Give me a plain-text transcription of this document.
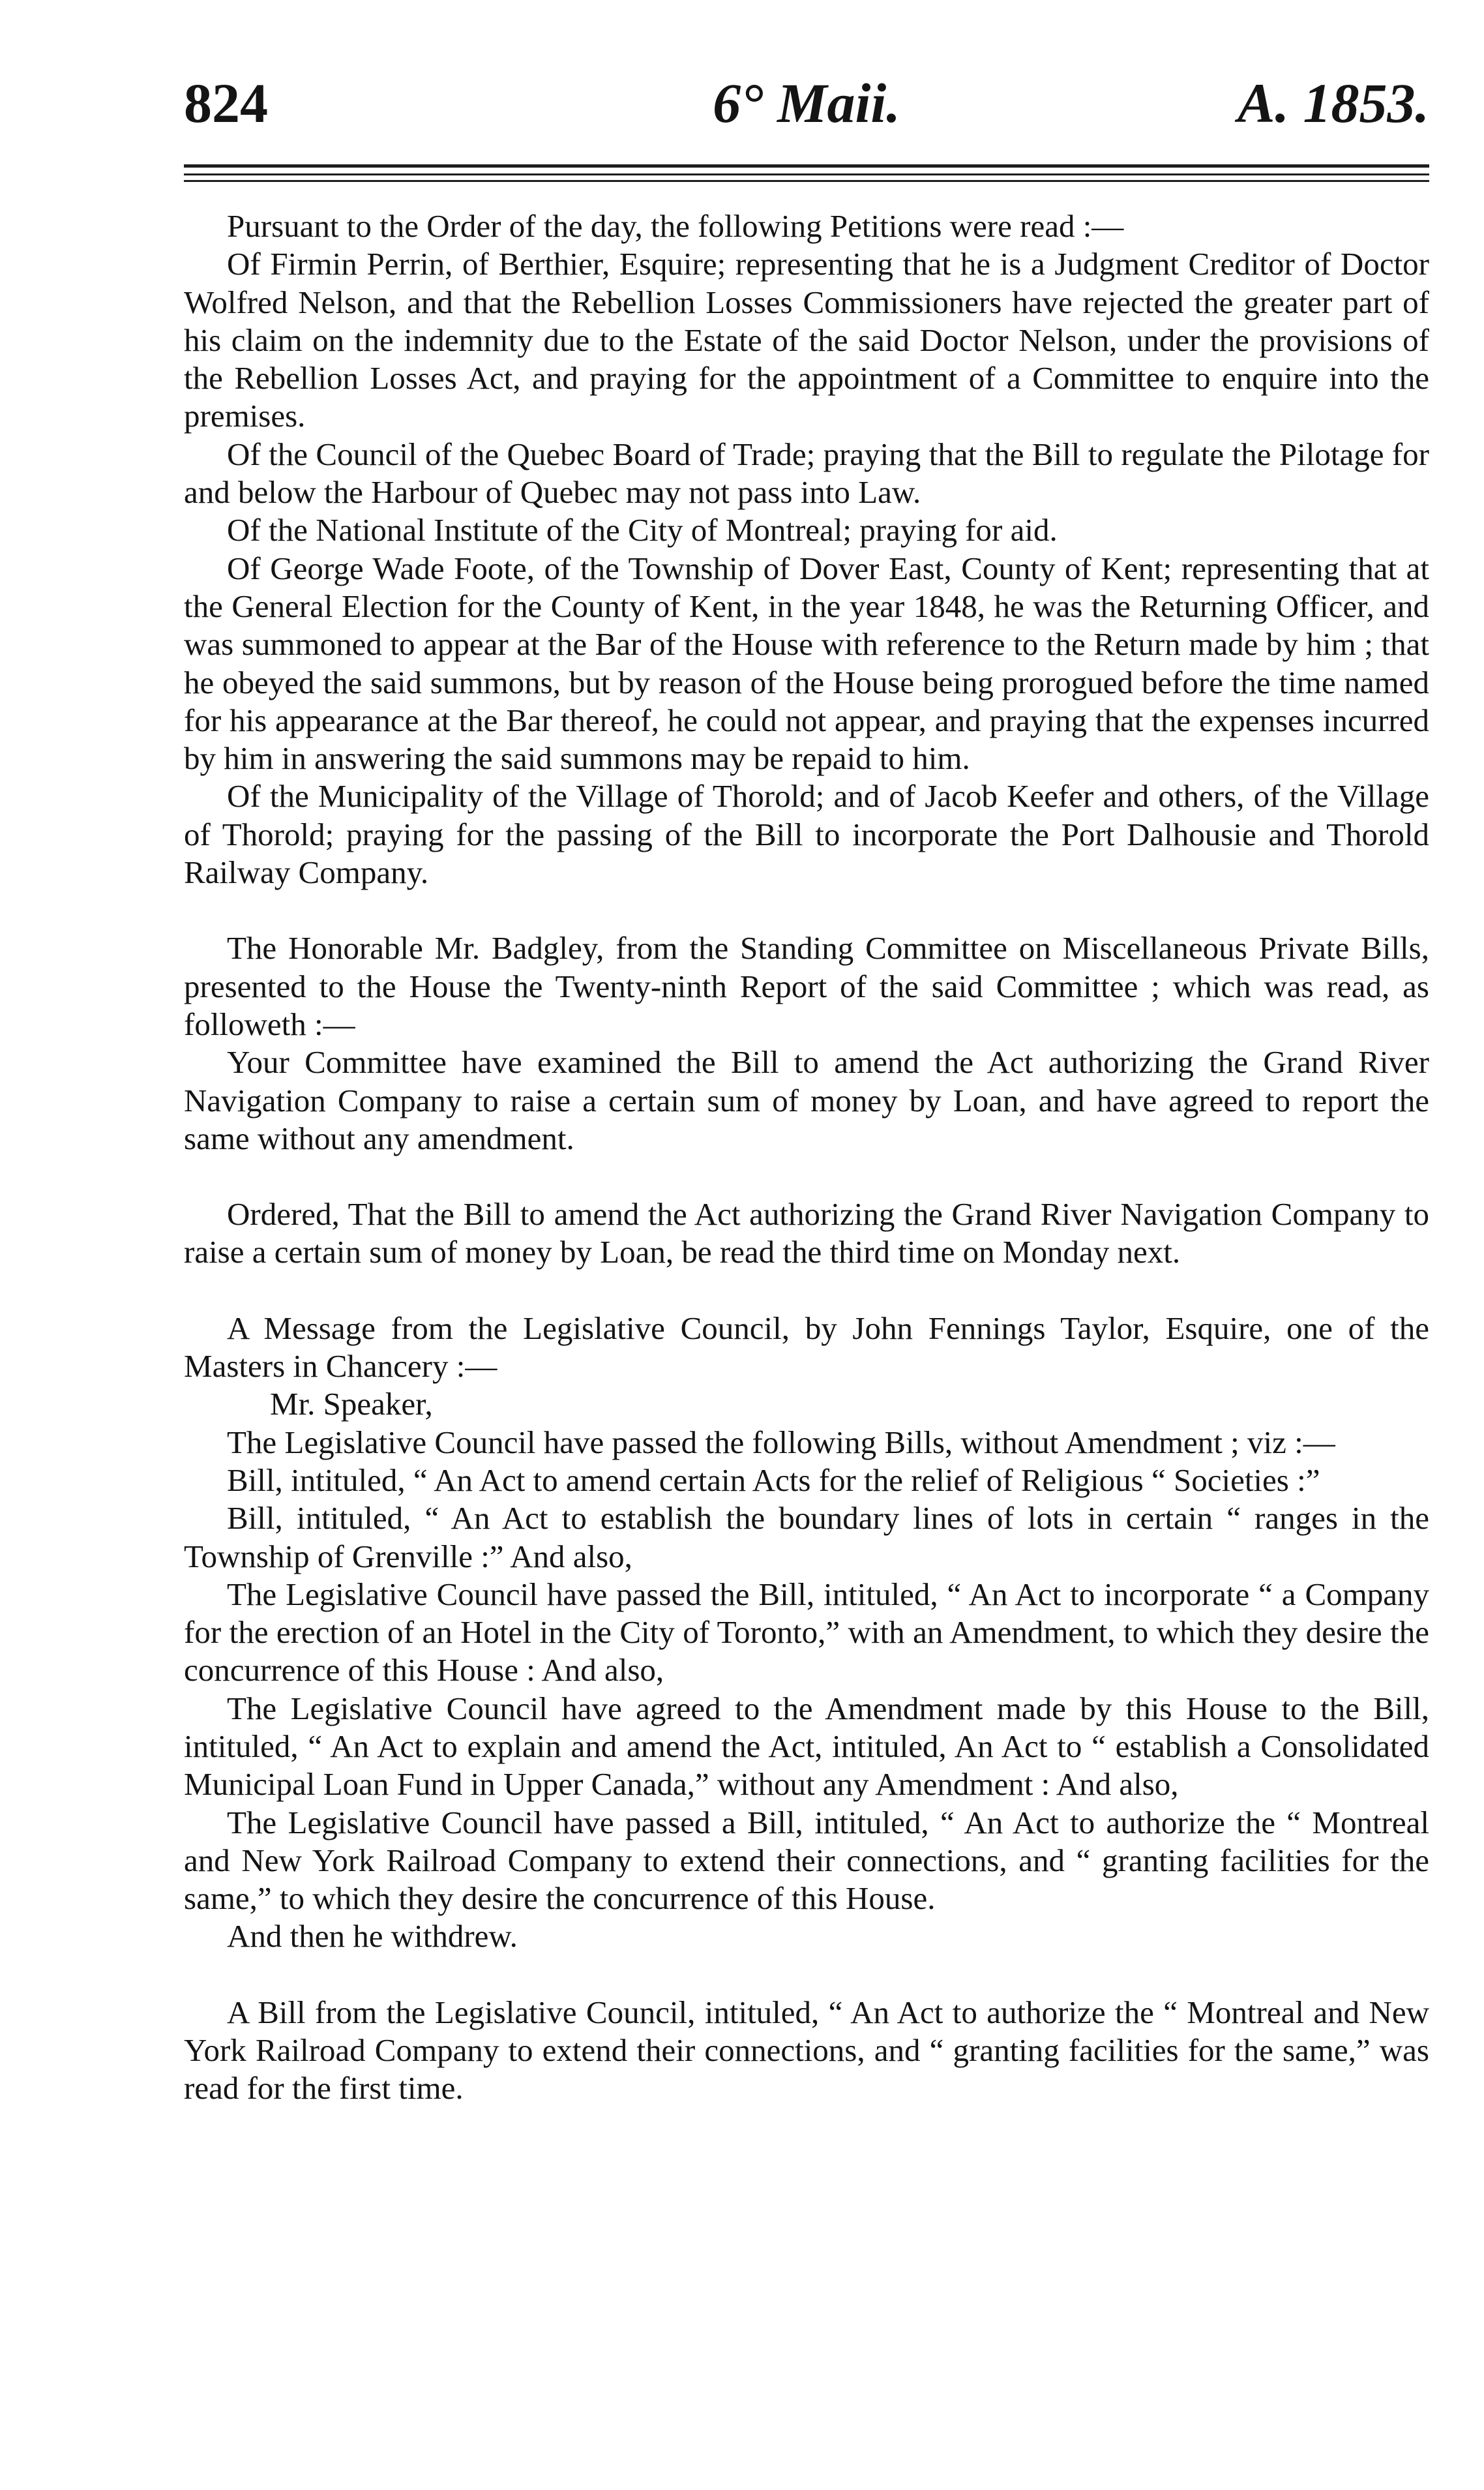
824	6° Maii.	A. 1853.

Pursuant to the Order of the day, the following Petitions were read :—

Of Firmin Perrin, of Berthier, Esquire; representing that he is a Judgment Creditor of Doctor Wolfred Nelson, and that the Rebellion Losses Commissioners have rejected the greater part of his claim on the indemnity due to the Estate of the said Doctor Nelson, under the provisions of the Rebellion Losses Act, and praying for the appointment of a Committee to enquire into the premises.

Of the Council of the Quebec Board of Trade; praying that the Bill to regulate the Pilotage for and below the Harbour of Quebec may not pass into Law.

Of the National Institute of the City of Montreal; praying for aid.

Of George Wade Foote, of the Township of Dover East, County of Kent; representing that at the General Election for the County of Kent, in the year 1848, he was the Returning Officer, and was summoned to appear at the Bar of the House with reference to the Return made by him ; that he obeyed the said summons, but by reason of the House being prorogued before the time named for his appearance at the Bar thereof, he could not appear, and praying that the expenses incurred by him in answering the said summons may be repaid to him.

Of the Municipality of the Village of Thorold; and of Jacob Keefer and others, of the Village of Thorold; praying for the passing of the Bill to incorporate the Port Dalhousie and Thorold Railway Company.

The Honorable Mr. Badgley, from the Standing Committee on Miscellaneous Private Bills, presented to the House the Twenty-ninth Report of the said Committee ; which was read, as followeth :—

Your Committee have examined the Bill to amend the Act authorizing the Grand River Navigation Company to raise a certain sum of money by Loan, and have agreed to report the same without any amendment.

Ordered, That the Bill to amend the Act authorizing the Grand River Navigation Company to raise a certain sum of money by Loan, be read the third time on Monday next.

A Message from the Legislative Council, by John Fennings Taylor, Esquire, one of the Masters in Chancery :—

Mr. Speaker,

The Legislative Council have passed the following Bills, without Amendment ; viz :—

Bill, intituled, “ An Act to amend certain Acts for the relief of Religious “ Societies :”

Bill, intituled, “ An Act to establish the boundary lines of lots in certain “ ranges in the Township of Grenville :” And also,

The Legislative Council have passed the Bill, intituled, “ An Act to incorporate “ a Company for the erection of an Hotel in the City of Toronto,” with an Amendment, to which they desire the concurrence of this House : And also,

The Legislative Council have agreed to the Amendment made by this House to the Bill, intituled, “ An Act to explain and amend the Act, intituled, An Act to “ establish a Consolidated Municipal Loan Fund in Upper Canada,” without any Amendment : And also,

The Legislative Council have passed a Bill, intituled, “ An Act to authorize the “ Montreal and New York Railroad Company to extend their connections, and “ granting facilities for the same,” to which they desire the concurrence of this House.

And then he withdrew.

A Bill from the Legislative Council, intituled, “ An Act to authorize the “ Montreal and New York Railroad Company to extend their connections, and “ granting facilities for the same,” was read for the first time.
